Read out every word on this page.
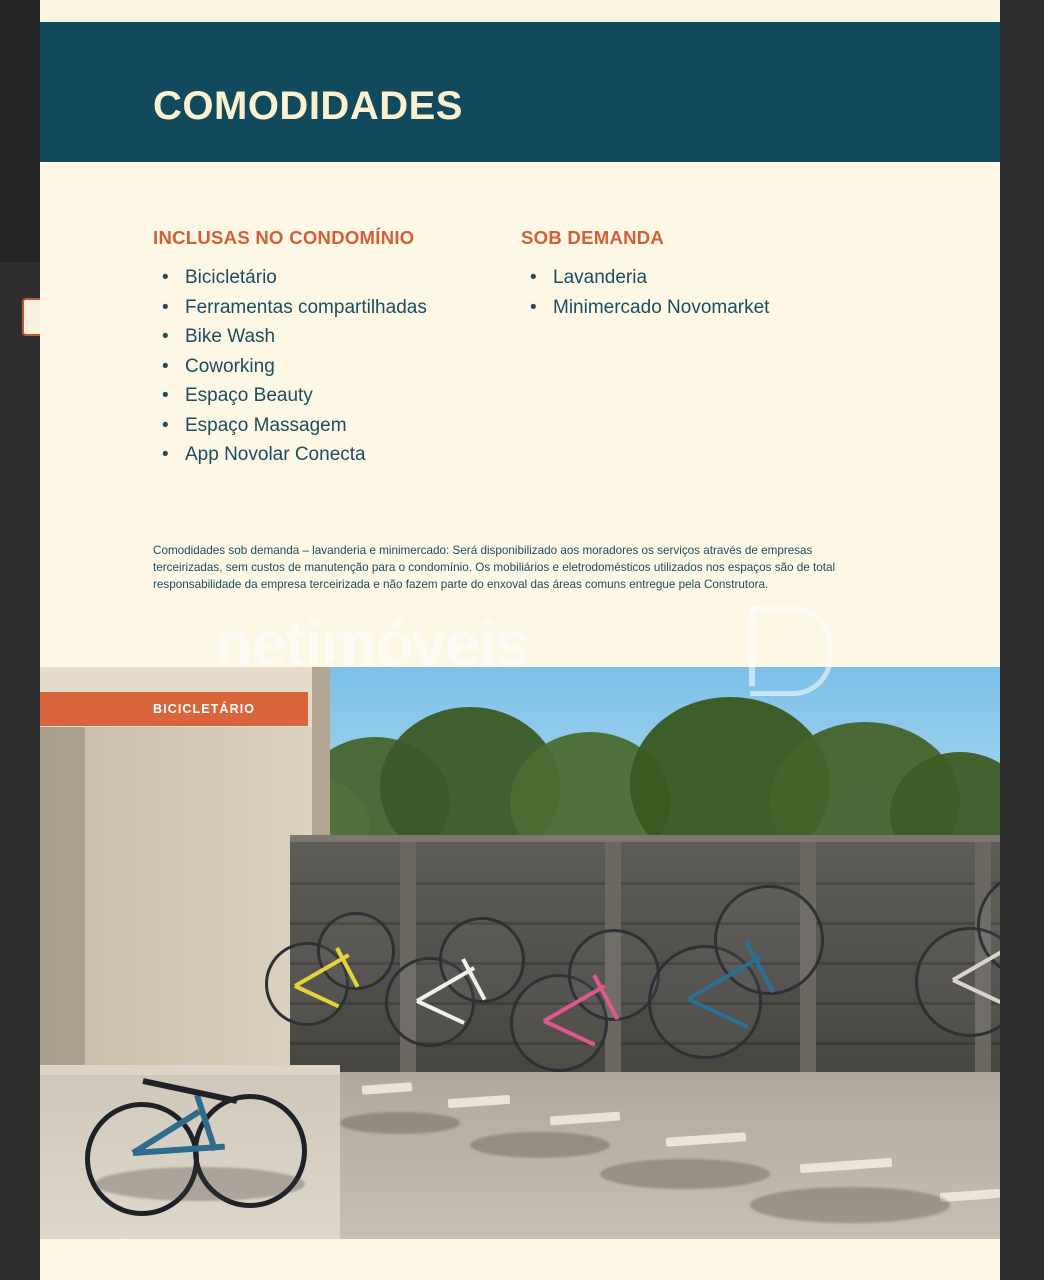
COMODIDADES
INCLUSAS NO CONDOMÍNIO
• Bicicletário
• Ferramentas compartilhadas
• Bike Wash
• Coworking
• Espaço Beauty
• Espaço Massagem
• App Novolar Conecta
SOB DEMANDA
• Lavanderia
• Minimercado Novomarket
Comodidades sob demanda – lavanderia e minimercado: Será disponibilizado aos moradores os serviços através de empresas terceirizadas, sem custos de manutenção para o condomínio. Os mobiliários e eletrodomésticos utilizados nos espaços são de total responsabilidade da empresa terceirizada e não fazem parte do enxoval das áreas comuns entregue pela Construtora.
BICICLETÁRIO
netimóveis
